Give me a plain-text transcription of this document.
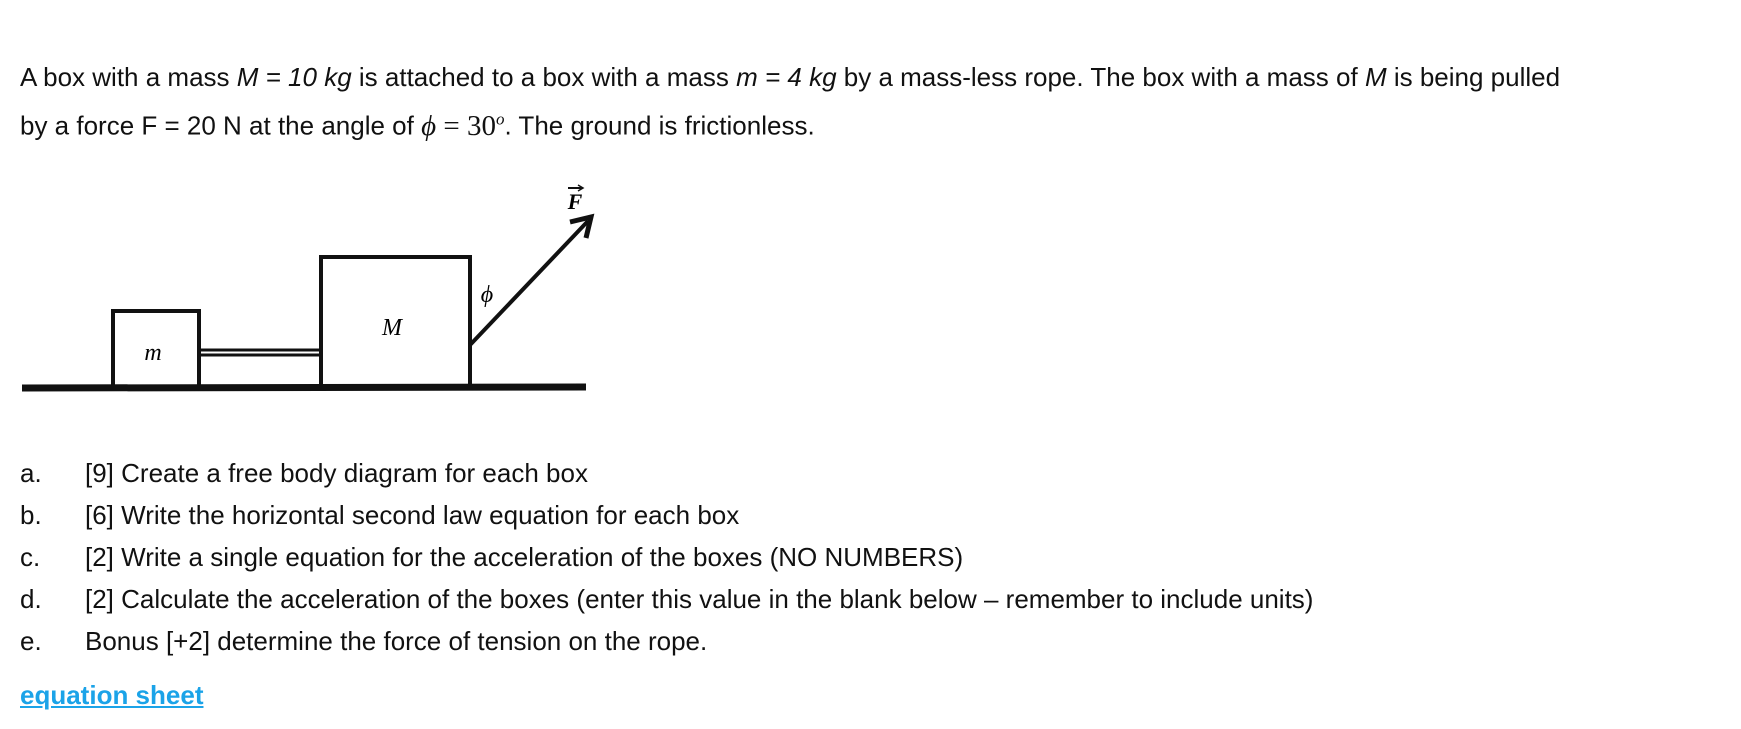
A box with a mass M = 10 kg is attached to a box with a mass m = 4 kg by a mass-less rope. The box with a mass of M is being pulled
by a force F = 20 N at the angle of $\phi = 30^o$. The ground is frictionless.
m
M
ϕ
F
a. [9] Create a free body diagram for each box
b. [6] Write the horizontal second law equation for each box
c. [2] Write a single equation for the acceleration of the boxes (NO NUMBERS)
d. [2] Calculate the acceleration of the boxes (enter this value in the blank below – remember to include units)
e. Bonus [+2] determine the force of tension on the rope.
equation sheet
